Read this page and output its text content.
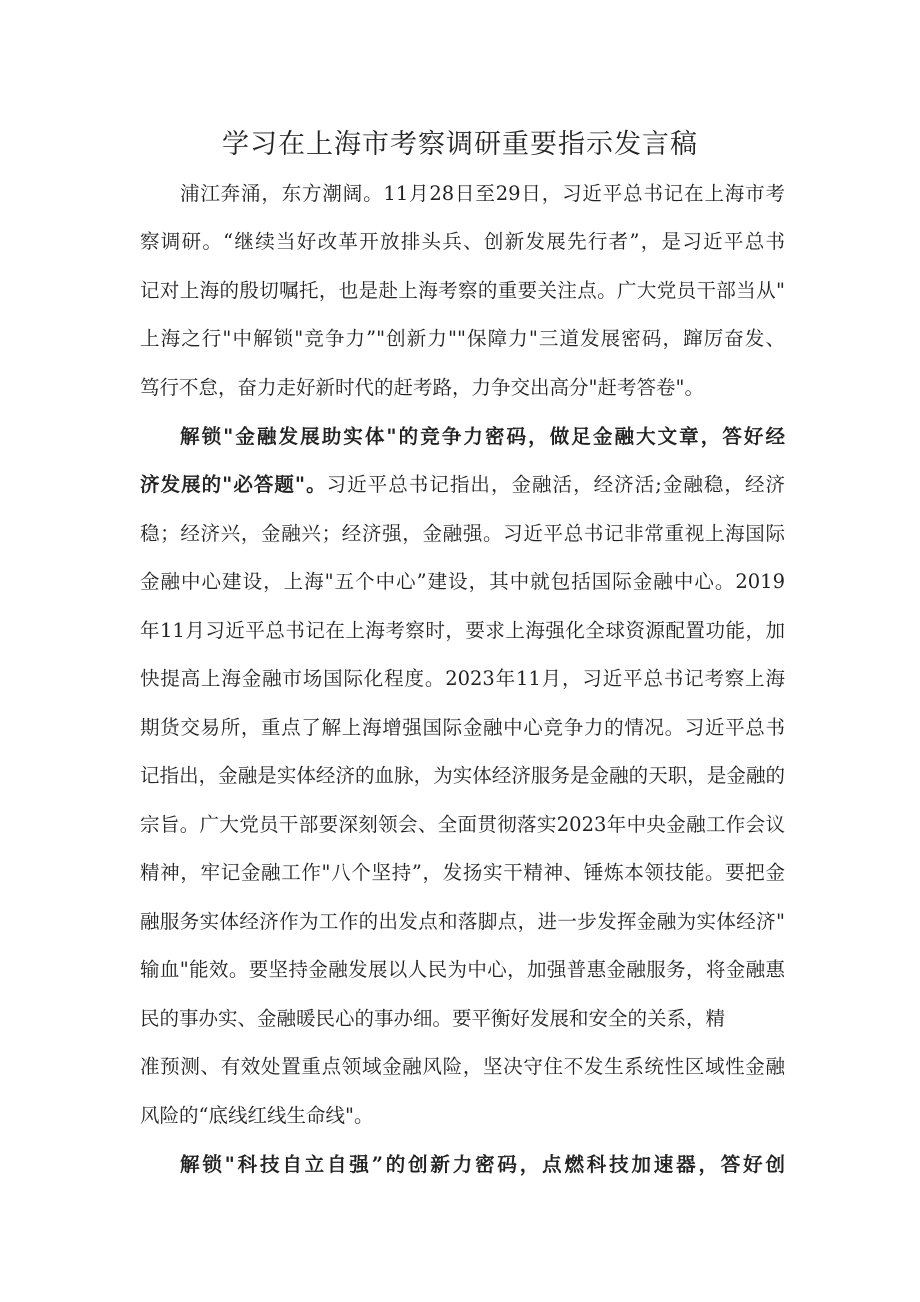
学习在上海市考察调研重要指示发言稿
浦江奔涌，东方潮阔。11月28日至29日，习近平总书记在上海市考
察调研。“继续当好改革开放排头兵、创新发展先行者”，是习近平总书
记对上海的殷切嘱托，也是赴上海考察的重要关注点。广大党员干部当从"
上海之行"中解锁"竞争力”"创新力""保障力"三道发展密码，蹿厉奋发、
笃行不怠，奋力走好新时代的赶考路，力争交出高分"赶考答卷"。
解锁"金融发展助实体"的竞争力密码，做足金融大文章，答好经
济发展的"必答题"。习近平总书记指出，金融活，经济活;金融稳，经济
稳；经济兴，金融兴；经济强，金融强。习近平总书记非常重视上海国际
金融中心建设，上海"五个中心”建设，其中就包括国际金融中心。2019
年11月习近平总书记在上海考察时，要求上海强化全球资源配置功能，加
快提高上海金融市场国际化程度。2023年11月，习近平总书记考察上海
期货交易所，重点了解上海增强国际金融中心竞争力的情况。习近平总书
记指出，金融是实体经济的血脉，为实体经济服务是金融的天职，是金融的
宗旨。广大党员干部要深刻领会、全面贯彻落实2023年中央金融工作会议
精神，牢记金融工作"八个坚持”，发扬实干精神、锤炼本领技能。要把金
融服务实体经济作为工作的出发点和落脚点，进一步发挥金融为实体经济"
输血"能效。要坚持金融发展以人民为中心，加强普惠金融服务，将金融惠
民的事办实、金融暖民心的事办细。要平衡好发展和安全的关系，精
准预测、有效处置重点领域金融风险，坚决守住不发生系统性区域性金融
风险的“底线红线生命线"。
解锁"科技自立自强”的创新力密码，点燃科技加速器，答好创
